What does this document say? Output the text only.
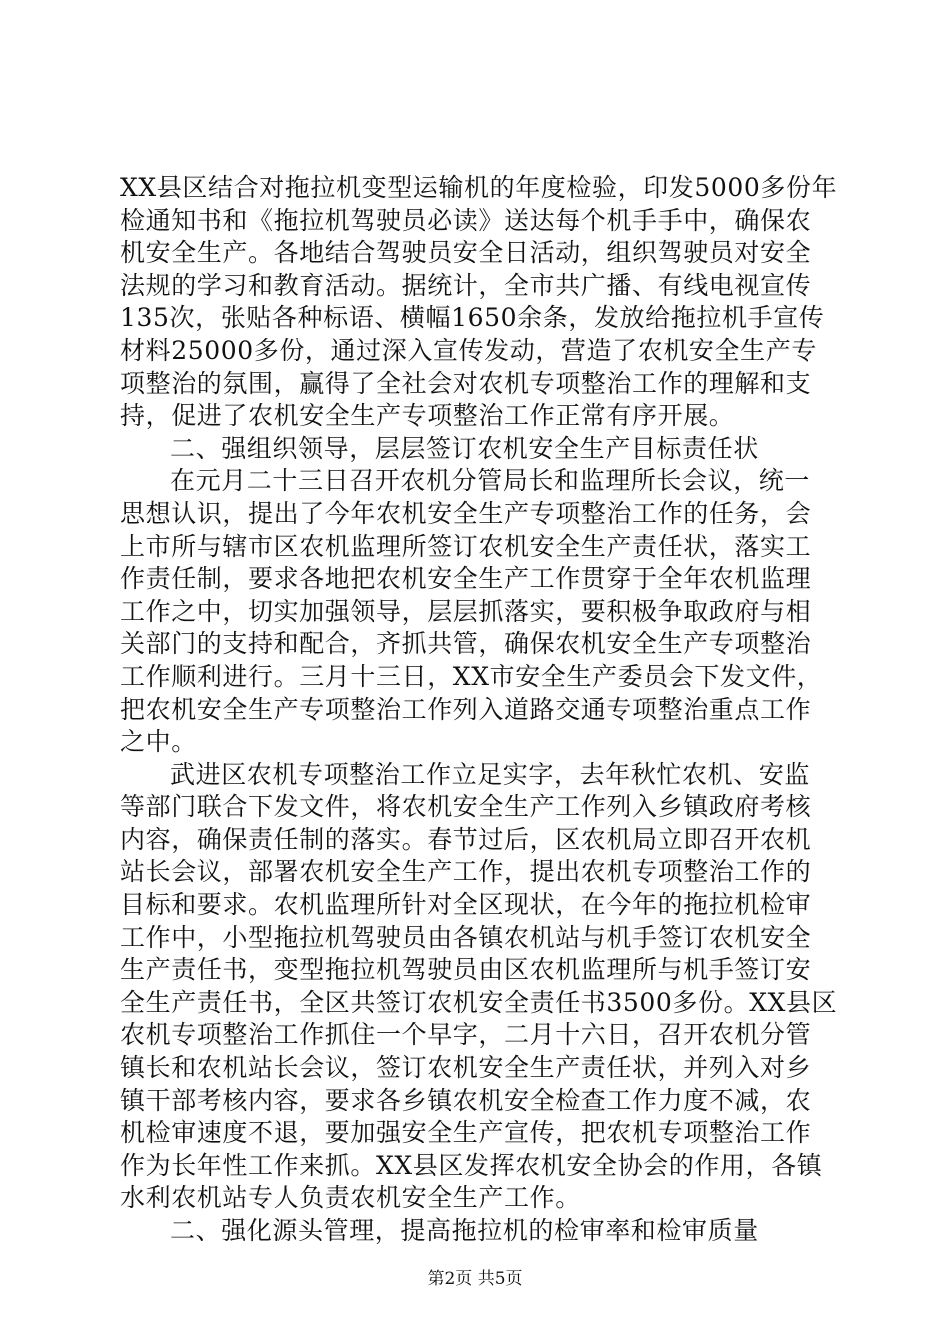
XX县区结合对拖拉机变型运输机的年度检验，印发5000多份年
检通知书和《拖拉机驾驶员必读》送达每个机手手中，确保农
机安全生产。各地结合驾驶员安全日活动，组织驾驶员对安全
法规的学习和教育活动。据统计，全市共广播、有线电视宣传
135次，张贴各种标语、横幅1650余条，发放给拖拉机手宣传
材料25000多份，通过深入宣传发动，营造了农机安全生产专
项整治的氛围，赢得了全社会对农机专项整治工作的理解和支
持，促进了农机安全生产专项整治工作正常有序开展。
二、强组织领导，层层签订农机安全生产目标责任状
在元月二十三日召开农机分管局长和监理所长会议，统一
思想认识，提出了今年农机安全生产专项整治工作的任务，会
上市所与辖市区农机监理所签订农机安全生产责任状，落实工
作责任制，要求各地把农机安全生产工作贯穿于全年农机监理
工作之中，切实加强领导，层层抓落实，要积极争取政府与相
关部门的支持和配合，齐抓共管，确保农机安全生产专项整治
工作顺利进行。三月十三日，XX市安全生产委员会下发文件，
把农机安全生产专项整治工作列入道路交通专项整治重点工作
之中。
武进区农机专项整治工作立足实字，去年秋忙农机、安监
等部门联合下发文件，将农机安全生产工作列入乡镇政府考核
内容，确保责任制的落实。春节过后，区农机局立即召开农机
站长会议，部署农机安全生产工作，提出农机专项整治工作的
目标和要求。农机监理所针对全区现状，在今年的拖拉机检审
工作中，小型拖拉机驾驶员由各镇农机站与机手签订农机安全
生产责任书，变型拖拉机驾驶员由区农机监理所与机手签订安
全生产责任书，全区共签订农机安全责任书3500多份。XX县区
农机专项整治工作抓住一个早字，二月十六日，召开农机分管
镇长和农机站长会议，签订农机安全生产责任状，并列入对乡
镇干部考核内容，要求各乡镇农机安全检查工作力度不减，农
机检审速度不退，要加强安全生产宣传，把农机专项整治工作
作为长年性工作来抓。XX县区发挥农机安全协会的作用，各镇
水利农机站专人负责农机安全生产工作。
二、强化源头管理，提高拖拉机的检审率和检审质量
第2页 共5页
